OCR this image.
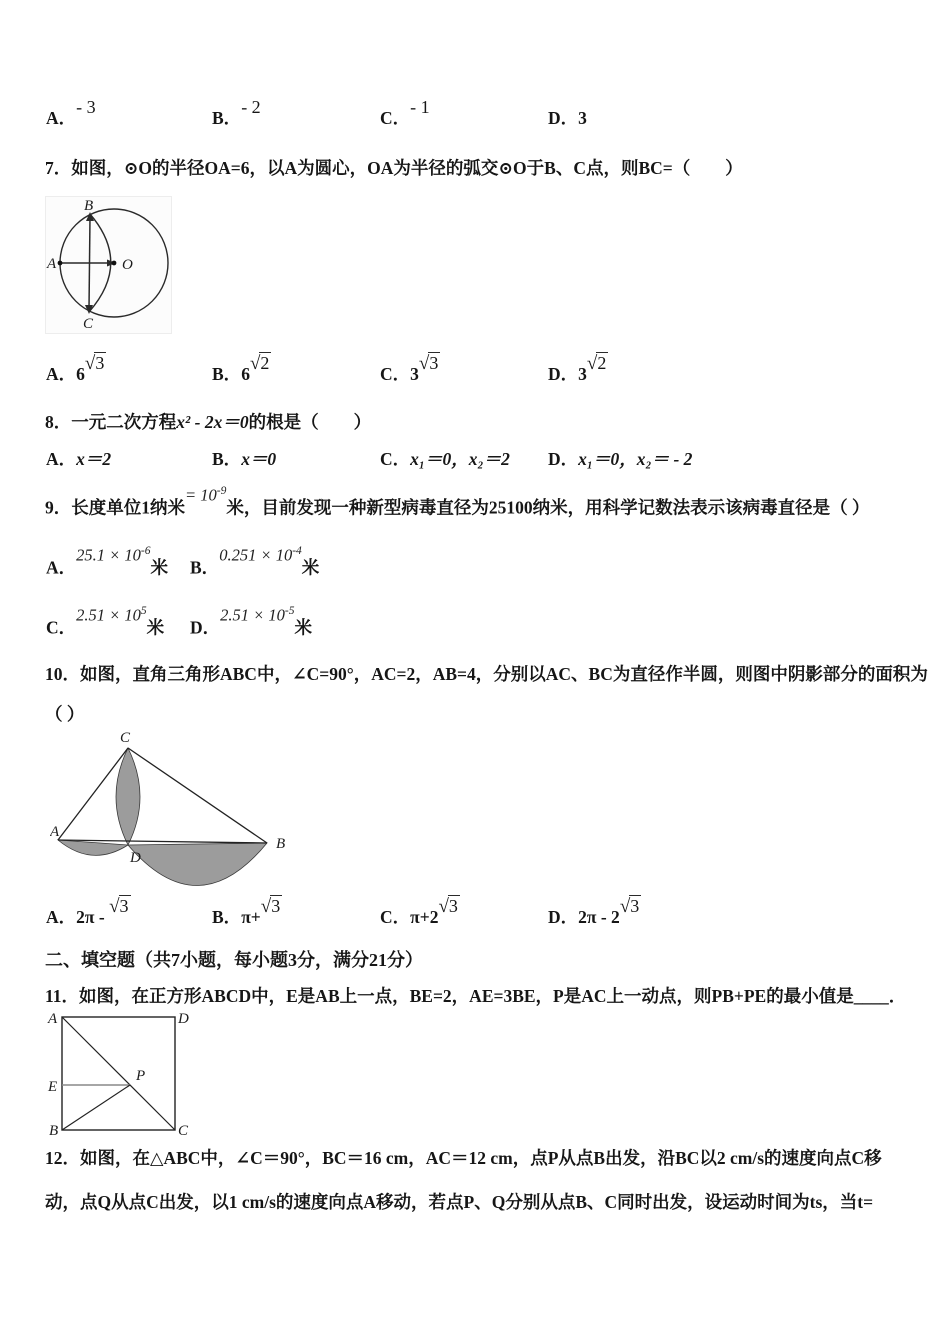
A．- 3
B．- 2
C．- 1
D．3
7．如图，⊙O的半径OA=6，以A为圆心，OA为半径的弧交⊙O于B、C点，则BC=（　　）
B
A	O
C
A．6√3
B．6√2
C．3√3
D．3√2
8．一元二次方程x² - 2x＝0的根是（　　）
A．x＝2	B．x＝0	C．x₁＝0，x₂＝2 D．x₁＝0，x₂＝ - 2
9．长度单位1纳米= $10^{-9}$米，目前发现一种新型病毒直径为25100纳米，用科学记数法表示该病毒直径是（ ）
A．$25.1 \times 10^{-6}$米 B．$0.251 \times 10^{-4}$米
C．$2.51 \times 10^5$米 D．$2.51 \times 10^{-5}$米
10．如图，直角三角形ABC中，∠C=90°，AC=2，AB=4，分别以AC、BC为直径作半圆，则图中阴影部分的面积为
（ ）
C
A
B
D
A．2π - √3
B．π+√3
C．π+2√3
D．2π - 2√3
二、填空题（共7小题，每小题3分，满分21分）
11．如图，在正方形ABCD中，E是AB上一点，BE=2，AE=3BE，P是AC上一动点，则PB+PE的最小值是____．
A	D
E
P
B	C
12．如图，在△ABC中，∠C＝90°，BC＝16 cm，AC＝12 cm，点P从点B出发，沿BC以2 cm/s的速度向点C移
动，点Q从点C出发，以1 cm/s的速度向点A移动，若点P、Q分别从点B、C同时出发，设运动时间为ts，当t=
